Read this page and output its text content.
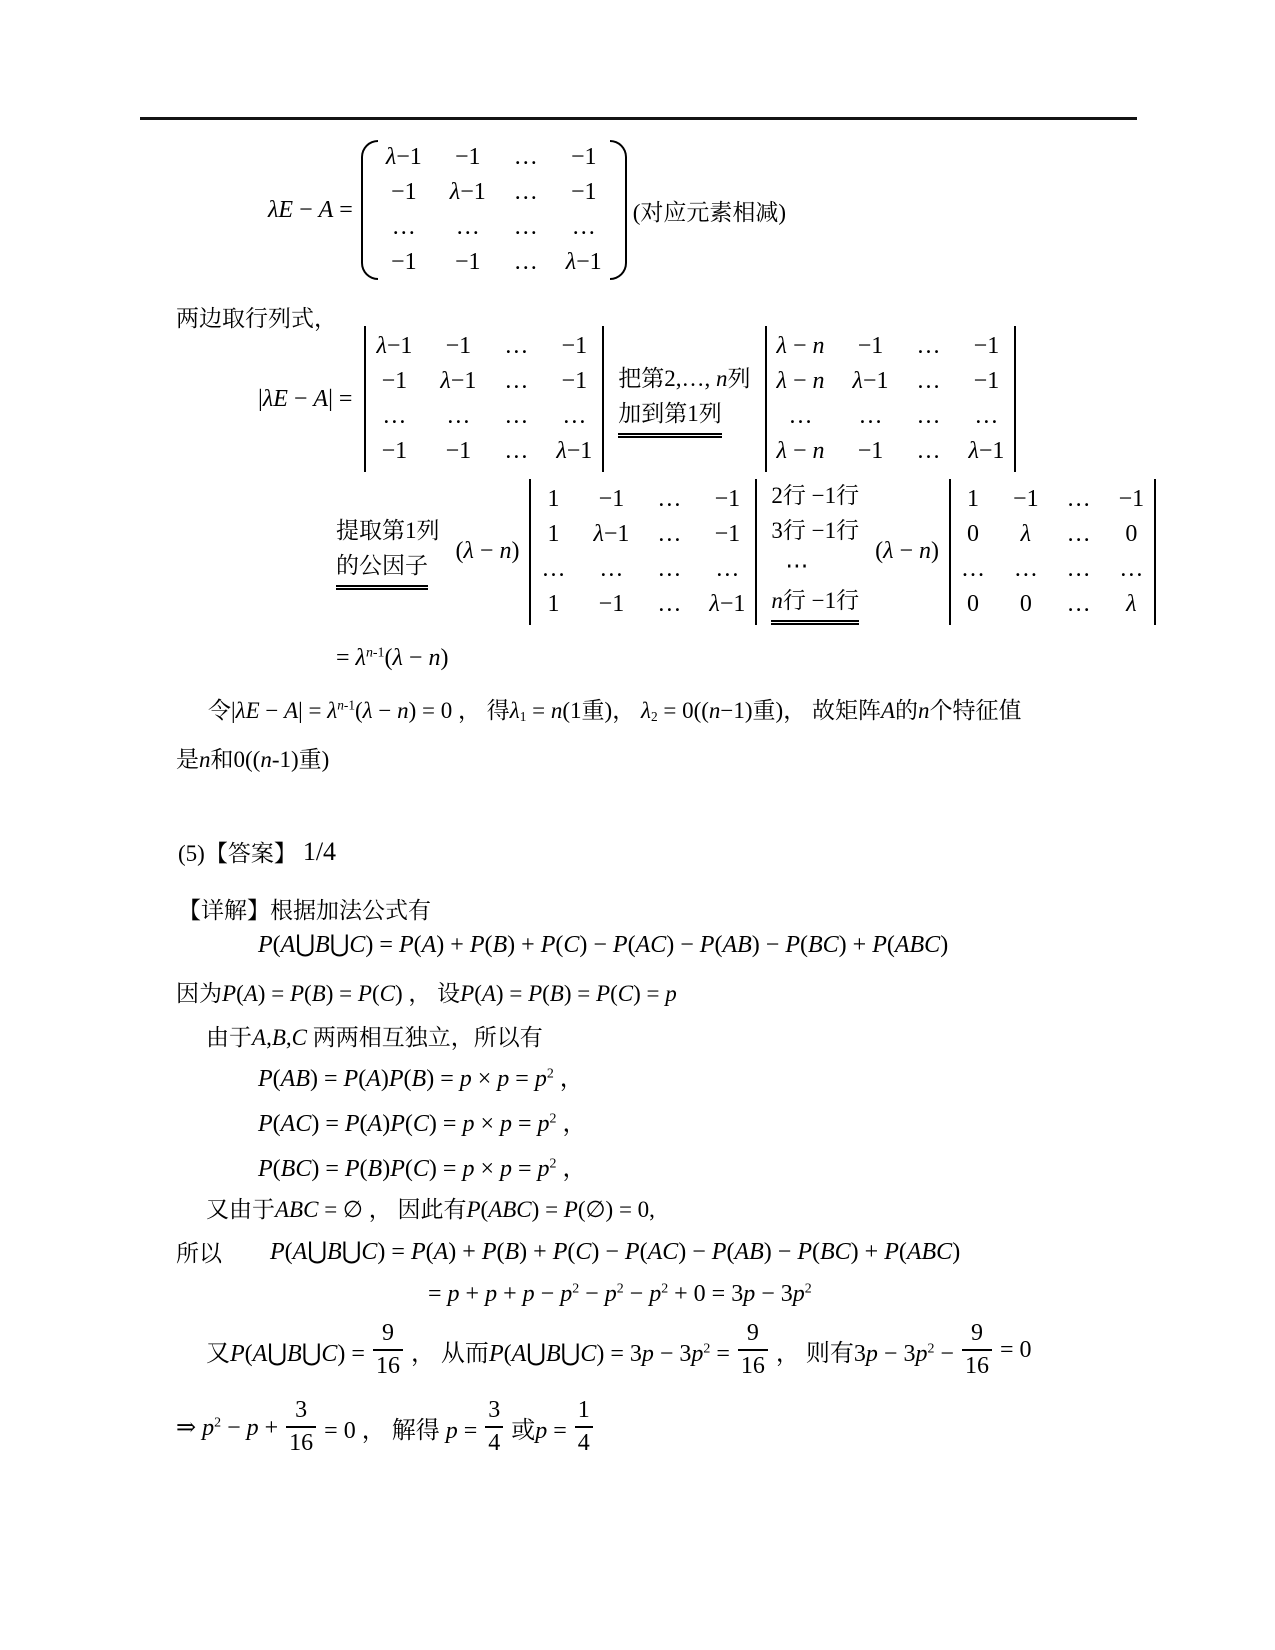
λE − A =
λ−1 −1 … −1
−1 λ−1 … −1
… … … …
−1 −1 … λ−1
(对应元素相减)
两边取行列式，
|λE − A| =
λ−1 −1 … −1
−1 λ−1 … −1
… … … …
−1 −1 … λ−1
把第2,…, n列
加到第1列
λ − n −1 … −1
λ − n λ−1 … −1
… … … …
λ − n −1 … λ−1
提取第1列
的公因子
(λ − n)
1 −1 … −1
1 λ−1 … −1
… … … …
1 −1 … λ−1
2行 −1行
3行 −1行
⋯
n行 −1行
(λ − n)
1 −1 … −1
0 λ … 0
… … … …
0 0 … λ
= $\lambda^{n-1}(\lambda - n)$
令$|\lambda E - A| = \lambda^{n-1}(\lambda - n) = 0$ ， 得$\lambda_1 = n(1$重)， $\lambda_2 = 0((n-1)$重)， 故矩阵A的n个特征值
是n和0((n-1)重)
(5)【答案】 1/4
【详解】根据加法公式有
P(A⋃B⋃C) = P(A) + P(B) + P(C) − P(AC) − P(AB) − P(BC) + P(ABC)
因为P(A) = P(B) = P(C) ， 设P(A) = P(B) = P(C) = p
由于A,B,C 两两相互独立，所以有
$P(AB) = P(A)P(B) = p \times p = p^2$ ，
$P(AC) = P(A)P(C) = p \times p = p^2$ ，
$P(BC) = P(B)P(C) = p \times p = p^2$ ，
又由于ABC = ∅ ， 因此有P(ABC) = P(∅) = 0,
所以 P(A⋃B⋃C) = P(A) + P(B) + P(C) − P(AC) − P(AB) − P(BC) + P(ABC)
= $p + p + p - p^2 - p^2 - p^2 + 0 = 3p - 3p^2$
又P(A⋃B⋃C) = $\frac{9}{16}$ ， 从而P(A⋃B⋃C) = $3p - 3p^2 = \frac{9}{16}$ ， 则有$3p - 3p^2 - \frac{9}{16} = 0$
⇒ $p^2 - p + \frac{3}{16} = 0$ ， 解得 $p = \frac{3}{4}$ 或$p = \frac{1}{4}$
